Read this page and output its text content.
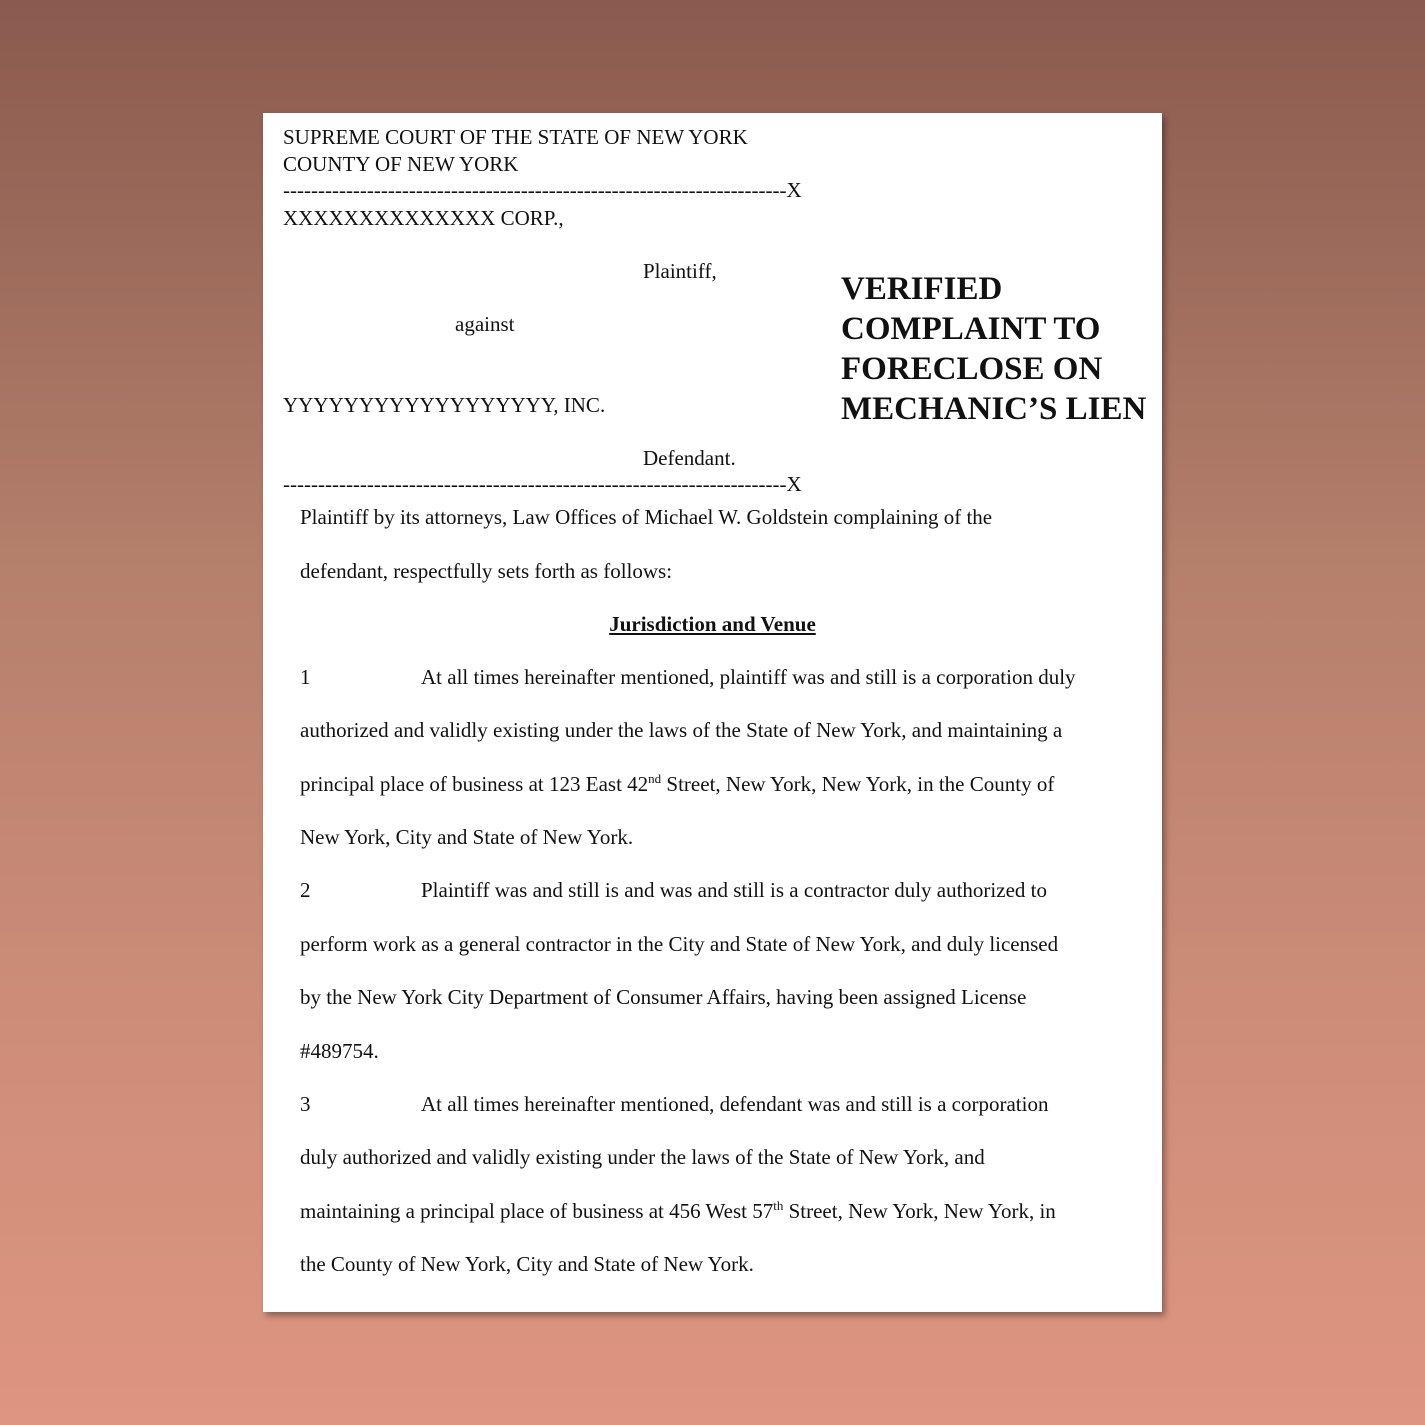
SUPREME COURT OF THE STATE OF NEW YORK
COUNTY OF NEW YORK
------------------------------------------------------------------------X
XXXXXXXXXXXXXX CORP.,
Plaintiff,
against
YYYYYYYYYYYYYYYYYY, INC.
Defendant.
------------------------------------------------------------------------X
VERIFIED COMPLAINT TO FORECLOSE ON MECHANIC’S LIEN
Plaintiff by its attorneys, Law Offices of Michael W. Goldstein complaining of the
defendant, respectfully sets forth as follows:
Jurisdiction and Venue
1	At all times hereinafter mentioned, plaintiff was and still is a corporation duly
authorized and validly existing under the laws of the State of New York, and maintaining a
principal place of business at 123 East 42nd Street, New York, New York, in the County of
New York, City and State of New York.
2	Plaintiff was and still is and was and still is a contractor duly authorized to
perform work as a general contractor in the City and State of New York, and duly licensed
by the New York City Department of Consumer Affairs, having been assigned License
#489754.
3	At all times hereinafter mentioned, defendant was and still is a corporation
duly authorized and validly existing under the laws of the State of New York, and
maintaining a principal place of business at 456 West 57th Street, New York, New York, in
the County of New York, City and State of New York.
